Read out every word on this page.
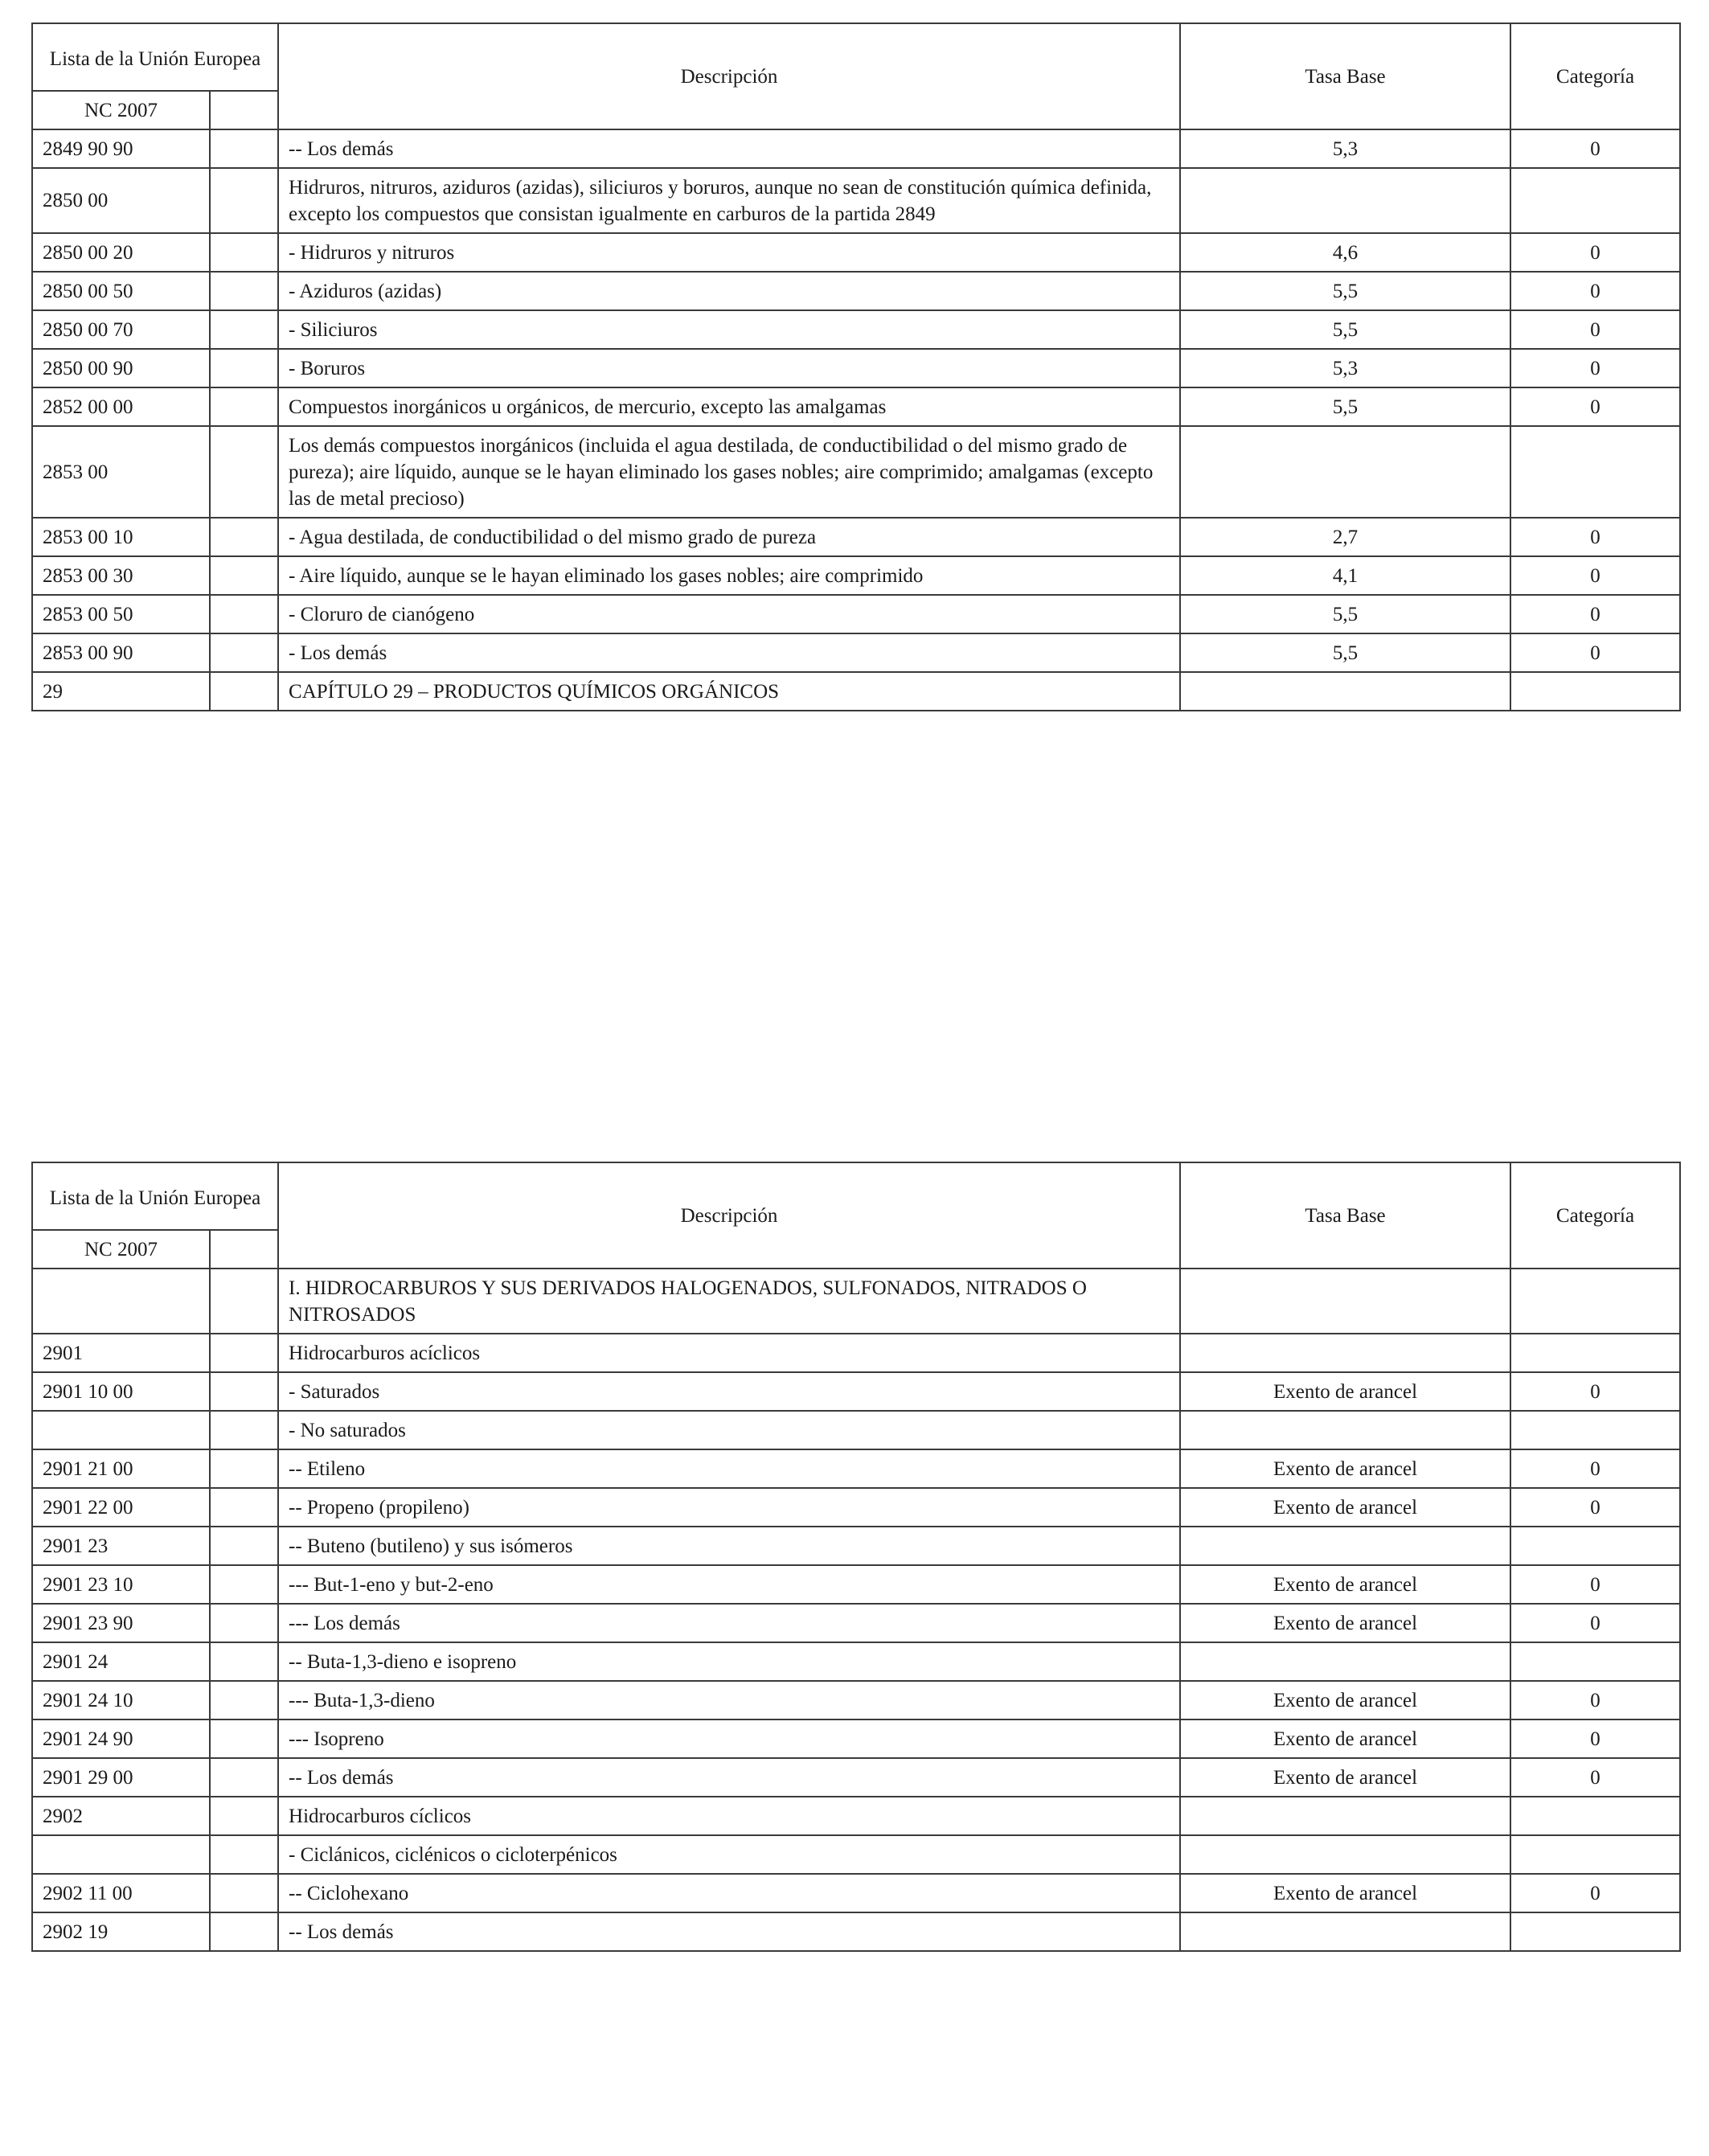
Lista de la Unión Europea		Descripción	Tasa Base	Categoría
NC 2007				
2849 90 90		-- Los demás	5,3	0
2850 00		Hidruros, nitruros, aziduros (azidas), siliciuros y boruros, aunque no sean de constitución química definida, excepto los compuestos que consistan igualmente en carburos de la partida 2849		
2850 00 20		- Hidruros y nitruros	4,6	0
2850 00 50		- Aziduros (azidas)	5,5	0
2850 00 70		- Siliciuros	5,5	0
2850 00 90		- Boruros	5,3	0
2852 00 00		Compuestos inorgánicos u orgánicos, de mercurio, excepto las amalgamas	5,5	0
2853 00		Los demás compuestos inorgánicos (incluida el agua destilada, de conductibilidad o del mismo grado de pureza); aire líquido, aunque se le hayan eliminado los gases nobles; aire comprimido; amalgamas (excepto las de metal precioso)		
2853 00 10		- Agua destilada, de conductibilidad o del mismo grado de pureza	2,7	0
2853 00 30		- Aire líquido, aunque se le hayan eliminado los gases nobles; aire comprimido	4,1	0
2853 00 50		- Cloruro de cianógeno	5,5	0
2853 00 90		- Los demás	5,5	0
29		CAPÍTULO 29 – PRODUCTOS QUÍMICOS ORGÁNICOS		
Lista de la Unión Europea		Descripción	Tasa Base	Categoría
NC 2007				
		I. HIDROCARBUROS Y SUS DERIVADOS HALOGENADOS, SULFONADOS, NITRADOS O NITROSADOS		
2901		Hidrocarburos acíclicos		
2901 10 00		- Saturados	Exento de arancel	0
		- No saturados		
2901 21 00		-- Etileno	Exento de arancel	0
2901 22 00		-- Propeno (propileno)	Exento de arancel	0
2901 23		-- Buteno (butileno) y sus isómeros		
2901 23 10		--- But-1-eno y but-2-eno	Exento de arancel	0
2901 23 90		--- Los demás	Exento de arancel	0
2901 24		-- Buta-1,3-dieno e isopreno		
2901 24 10		--- Buta-1,3-dieno	Exento de arancel	0
2901 24 90		--- Isopreno	Exento de arancel	0
2901 29 00		-- Los demás	Exento de arancel	0
2902		Hidrocarburos cíclicos		
		- Ciclánicos, ciclénicos o cicloterpénicos		
2902 11 00		-- Ciclohexano	Exento de arancel	0
2902 19		-- Los demás		
